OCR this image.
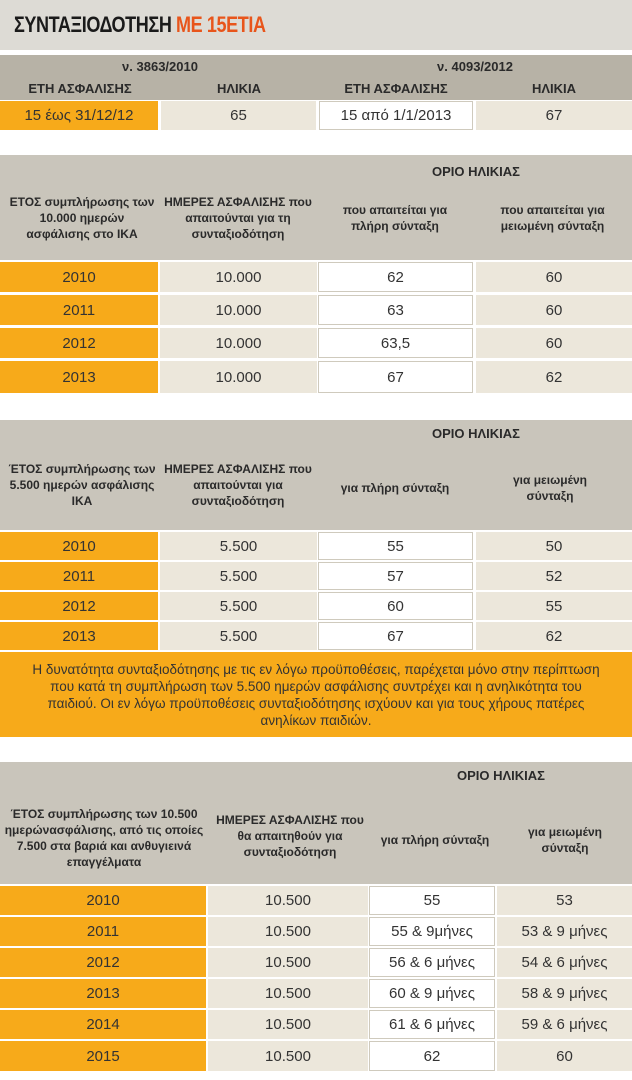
ΣΥΝΤΑΞΙΟΔΟΤΗΣΗ ΜΕ 15ΕΤΙΑ
ν. 3863/2010	ν. 4093/2012
ΕΤΗ ΑΣΦΑΛΙΣΗΣ	ΗΛΙΚΙΑ	ΕΤΗ ΑΣΦΑΛΙΣΗΣ	ΗΛΙΚΙΑ
15 έως 31/12/12	65	15 από 1/1/2013	67
ΟΡΙΟ ΗΛΙΚΙΑΣ
ΕΤΟΣ συμπλήρωσης των 10.000 ημερών ασφάλισης στο ΙΚΑ
ΗΜΕΡΕΣ ΑΣΦΑΛΙΣΗΣ που απαιτούνται για τη συνταξιοδότηση
που απαιτείται για πλήρη σύνταξη
που απαιτείται για μειωμένη σύνταξη
2010	10.000	62	60
2011	10.000	63	60
2012	10.000	63,5	60
2013	10.000	67	62
ΟΡΙΟ ΗΛΙΚΙΑΣ
ΈΤΟΣ συμπλήρωσης των 5.500 ημερών ασφάλισης ΙΚΑ
ΗΜΕΡΕΣ ΑΣΦΑΛΙΣΗΣ που απαιτούνται για συνταξιοδότηση
για πλήρη σύνταξη
για μειωμένη σύνταξη
2010	5.500	55	50
2011	5.500	57	52
2012	5.500	60	55
2013	5.500	67	62
Η δυνατότητα συνταξιοδότησης με τις εν λόγω προϋποθέσεις, παρέχεται μόνο στην περίπτωση που κατά τη συμπλήρωση των 5.500 ημερών ασφάλισης συντρέχει και η ανηλικότητα του παιδιού. Οι εν λόγω προϋποθέσεις συνταξιοδότησης ισχύουν και για τους χήρους πατέρες ανηλίκων παιδιών.
ΟΡΙΟ ΗΛΙΚΙΑΣ
ΈΤΟΣ συμπλήρωσης των 10.500 ημερώνασφάλισης, από τις οποίες 7.500 στα βαριά και ανθυγιεινά επαγγέλματα
ΗΜΕΡΕΣ ΑΣΦΑΛΙΣΗΣ που θα απαιτηθούν για συνταξιοδότηση
για πλήρη σύνταξη
για μειωμένη σύνταξη
2010	10.500	55	53
2011	10.500	55 & 9μήνες	53 & 9 μήνες
2012	10.500	56 & 6 μήνες	54 & 6 μήνες
2013	10.500	60 & 9 μήνες	58 & 9 μήνες
2014	10.500	61 & 6 μήνες	59 & 6 μήνες
2015	10.500	62	60
